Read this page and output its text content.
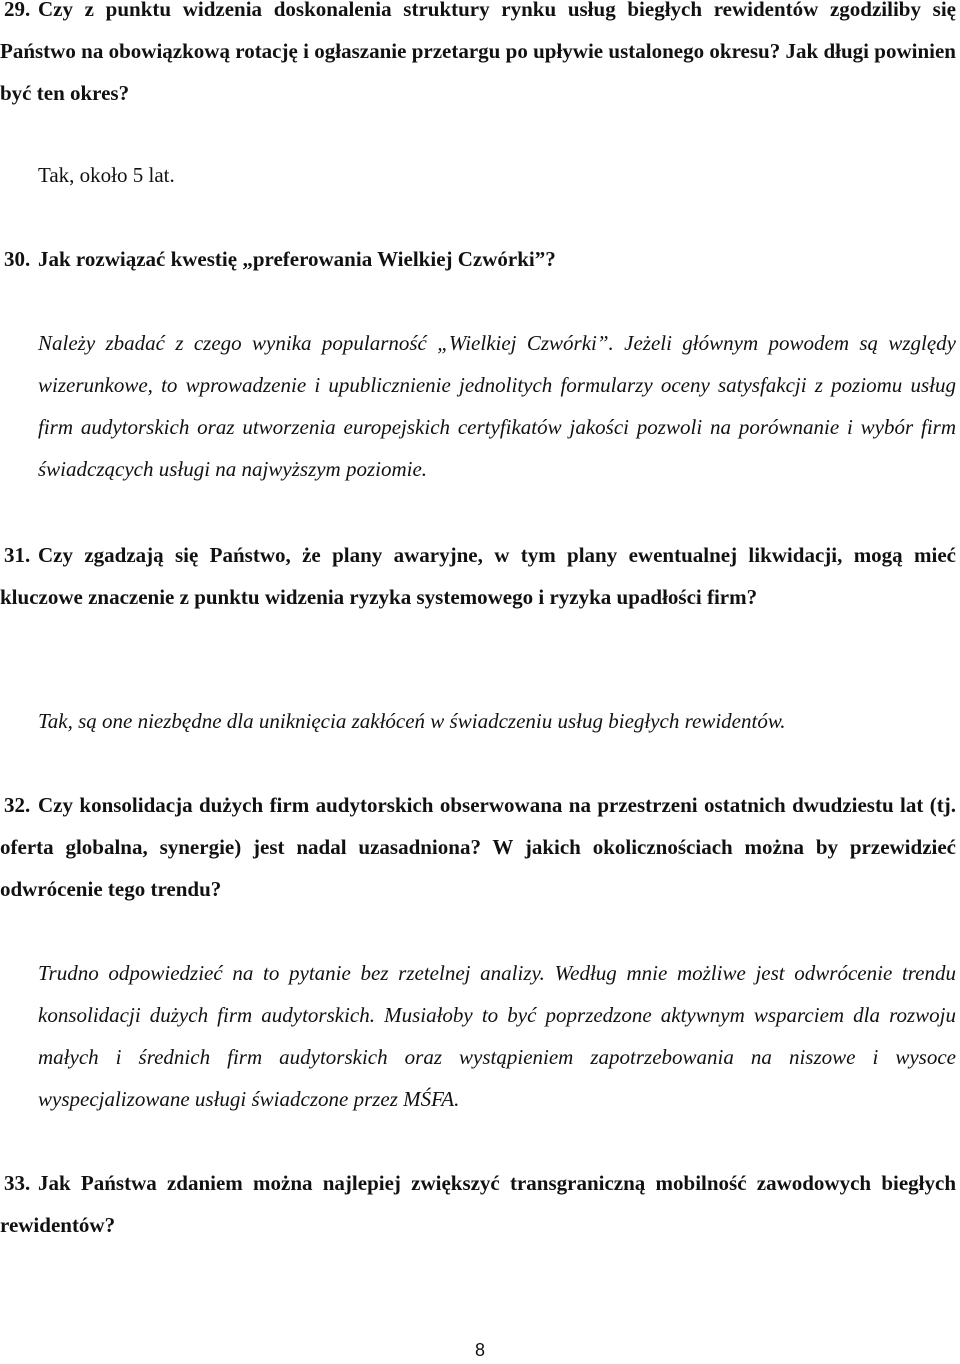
29. Czy z punktu widzenia doskonalenia struktury rynku usług biegłych rewidentów zgodziliby się Państwo na obowiązkową rotację i ogłaszanie przetargu po upływie ustalonego okresu? Jak długi powinien być ten okres?

Tak, około 5 lat.

30. Jak rozwiązać kwestię „preferowania Wielkiej Czwórki”?

Należy zbadać z czego wynika popularność „Wielkiej Czwórki”. Jeżeli głównym powodem są względy wizerunkowe, to wprowadzenie i upublicznienie jednolitych formularzy oceny satysfakcji z poziomu usług firm audytorskich oraz utworzenia europejskich certyfikatów jakości pozwoli na porównanie i wybór firm świadczących usługi na najwyższym poziomie.

31. Czy zgadzają się Państwo, że plany awaryjne, w tym plany ewentualnej likwidacji, mogą mieć kluczowe znaczenie z punktu widzenia ryzyka systemowego i ryzyka upadłości firm?

Tak, są one niezbędne dla uniknięcia zakłóceń w świadczeniu usług biegłych rewidentów.

32. Czy konsolidacja dużych firm audytorskich obserwowana na przestrzeni ostatnich dwudziestu lat (tj. oferta globalna, synergie) jest nadal uzasadniona? W jakich okolicznościach można by przewidzieć odwrócenie tego trendu?

Trudno odpowiedzieć na to pytanie bez rzetelnej analizy. Według mnie możliwe jest odwrócenie trendu konsolidacji dużych firm audytorskich. Musiałoby to być poprzedzone aktywnym wsparciem dla rozwoju małych i średnich firm audytorskich oraz wystąpieniem zapotrzebowania na niszowe i wysoce wyspecjalizowane usługi świadczone przez MŚFA.

33. Jak Państwa zdaniem można najlepiej zwiększyć transgraniczną mobilność zawodowych biegłych rewidentów?

8
